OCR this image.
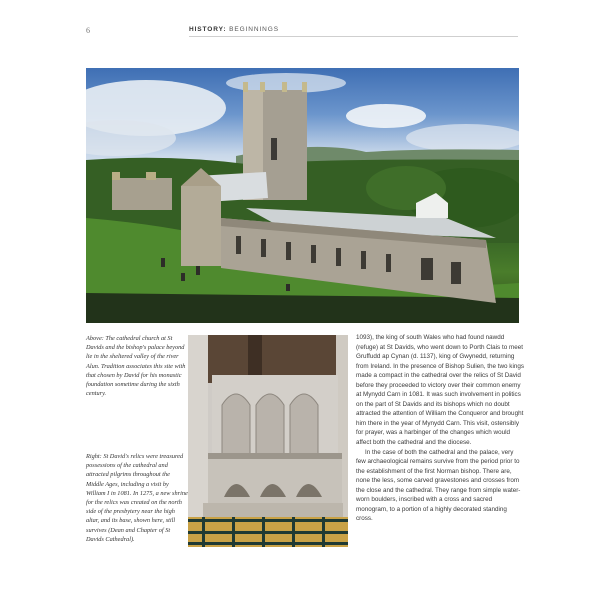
6	HISTORY: BEGINNINGS
Above: The cathedral church at St Davids and the bishop's palace beyond lie in the sheltered valley of the river Alun. Tradition associates this site with that chosen by David for his monastic foundation sometime during the sixth century.
Right: St David's relics were treasured possessions of the cathedral and attracted pilgrims throughout the Middle Ages, including a visit by William I in 1081. In 1275, a new shrine for the relics was created on the north side of the presbytery near the high altar, and its base, shown here, still survives (Dean and Chapter of St Davids Cathedral).

1093), the king of south Wales who had found nawdd (refuge) at St Davids, who went down to Porth Clais to meet Gruffudd ap Cynan (d. 1137), king of Gwynedd, returning from Ireland. In the presence of Bishop Sulien, the two kings made a compact in the cathedral over the relics of St David before they proceeded to victory over their common enemy at Mynydd Carn in 1081. It was such involvement in politics on the part of St Davids and its bishops which no doubt attracted the attention of William the Conqueror and brought him there in the year of Mynydd Carn. This visit, ostensibly for prayer, was a harbinger of the changes which would affect both the cathedral and the diocese.

In the case of both the cathedral and the palace, very few archaeological remains survive from the period prior to the establishment of the first Norman bishop. There are, none the less, some carved gravestones and crosses from the close and the cathedral. They range from simple water-worn boulders, inscribed with a cross and sacred monogram, to a portion of a highly decorated standing cross.
